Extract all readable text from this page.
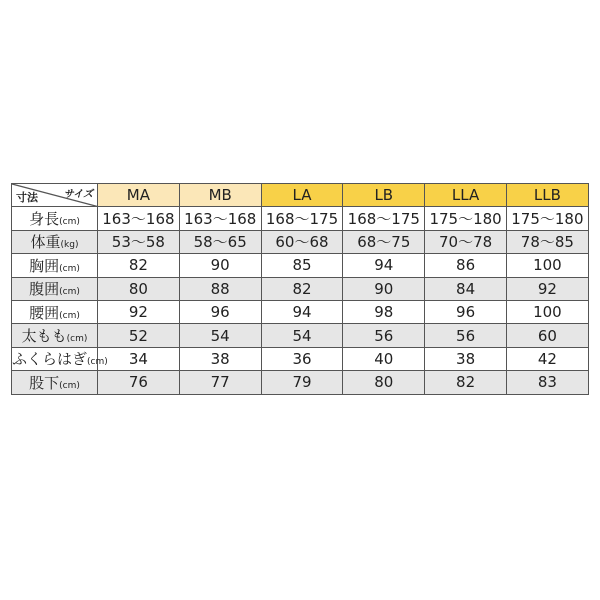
サイズ
寸法	MA	MB	LA	LB	LLA	LLB
身長(cm)	163～168	163～168	168～175	168～175	175～180	175～180
体重(kg)	53～58	58～65	60～68	68～75	70～78	78～85
胸囲(cm)	82	90	85	94	86	100
腹囲(cm)	80	88	82	90	84	92
腰囲(cm)	92	96	94	98	96	100
太もも(cm)	52	54	54	56	56	60
ふくらはぎ(cm)	34	38	36	40	38	42
股下(cm)	76	77	79	80	82	83
